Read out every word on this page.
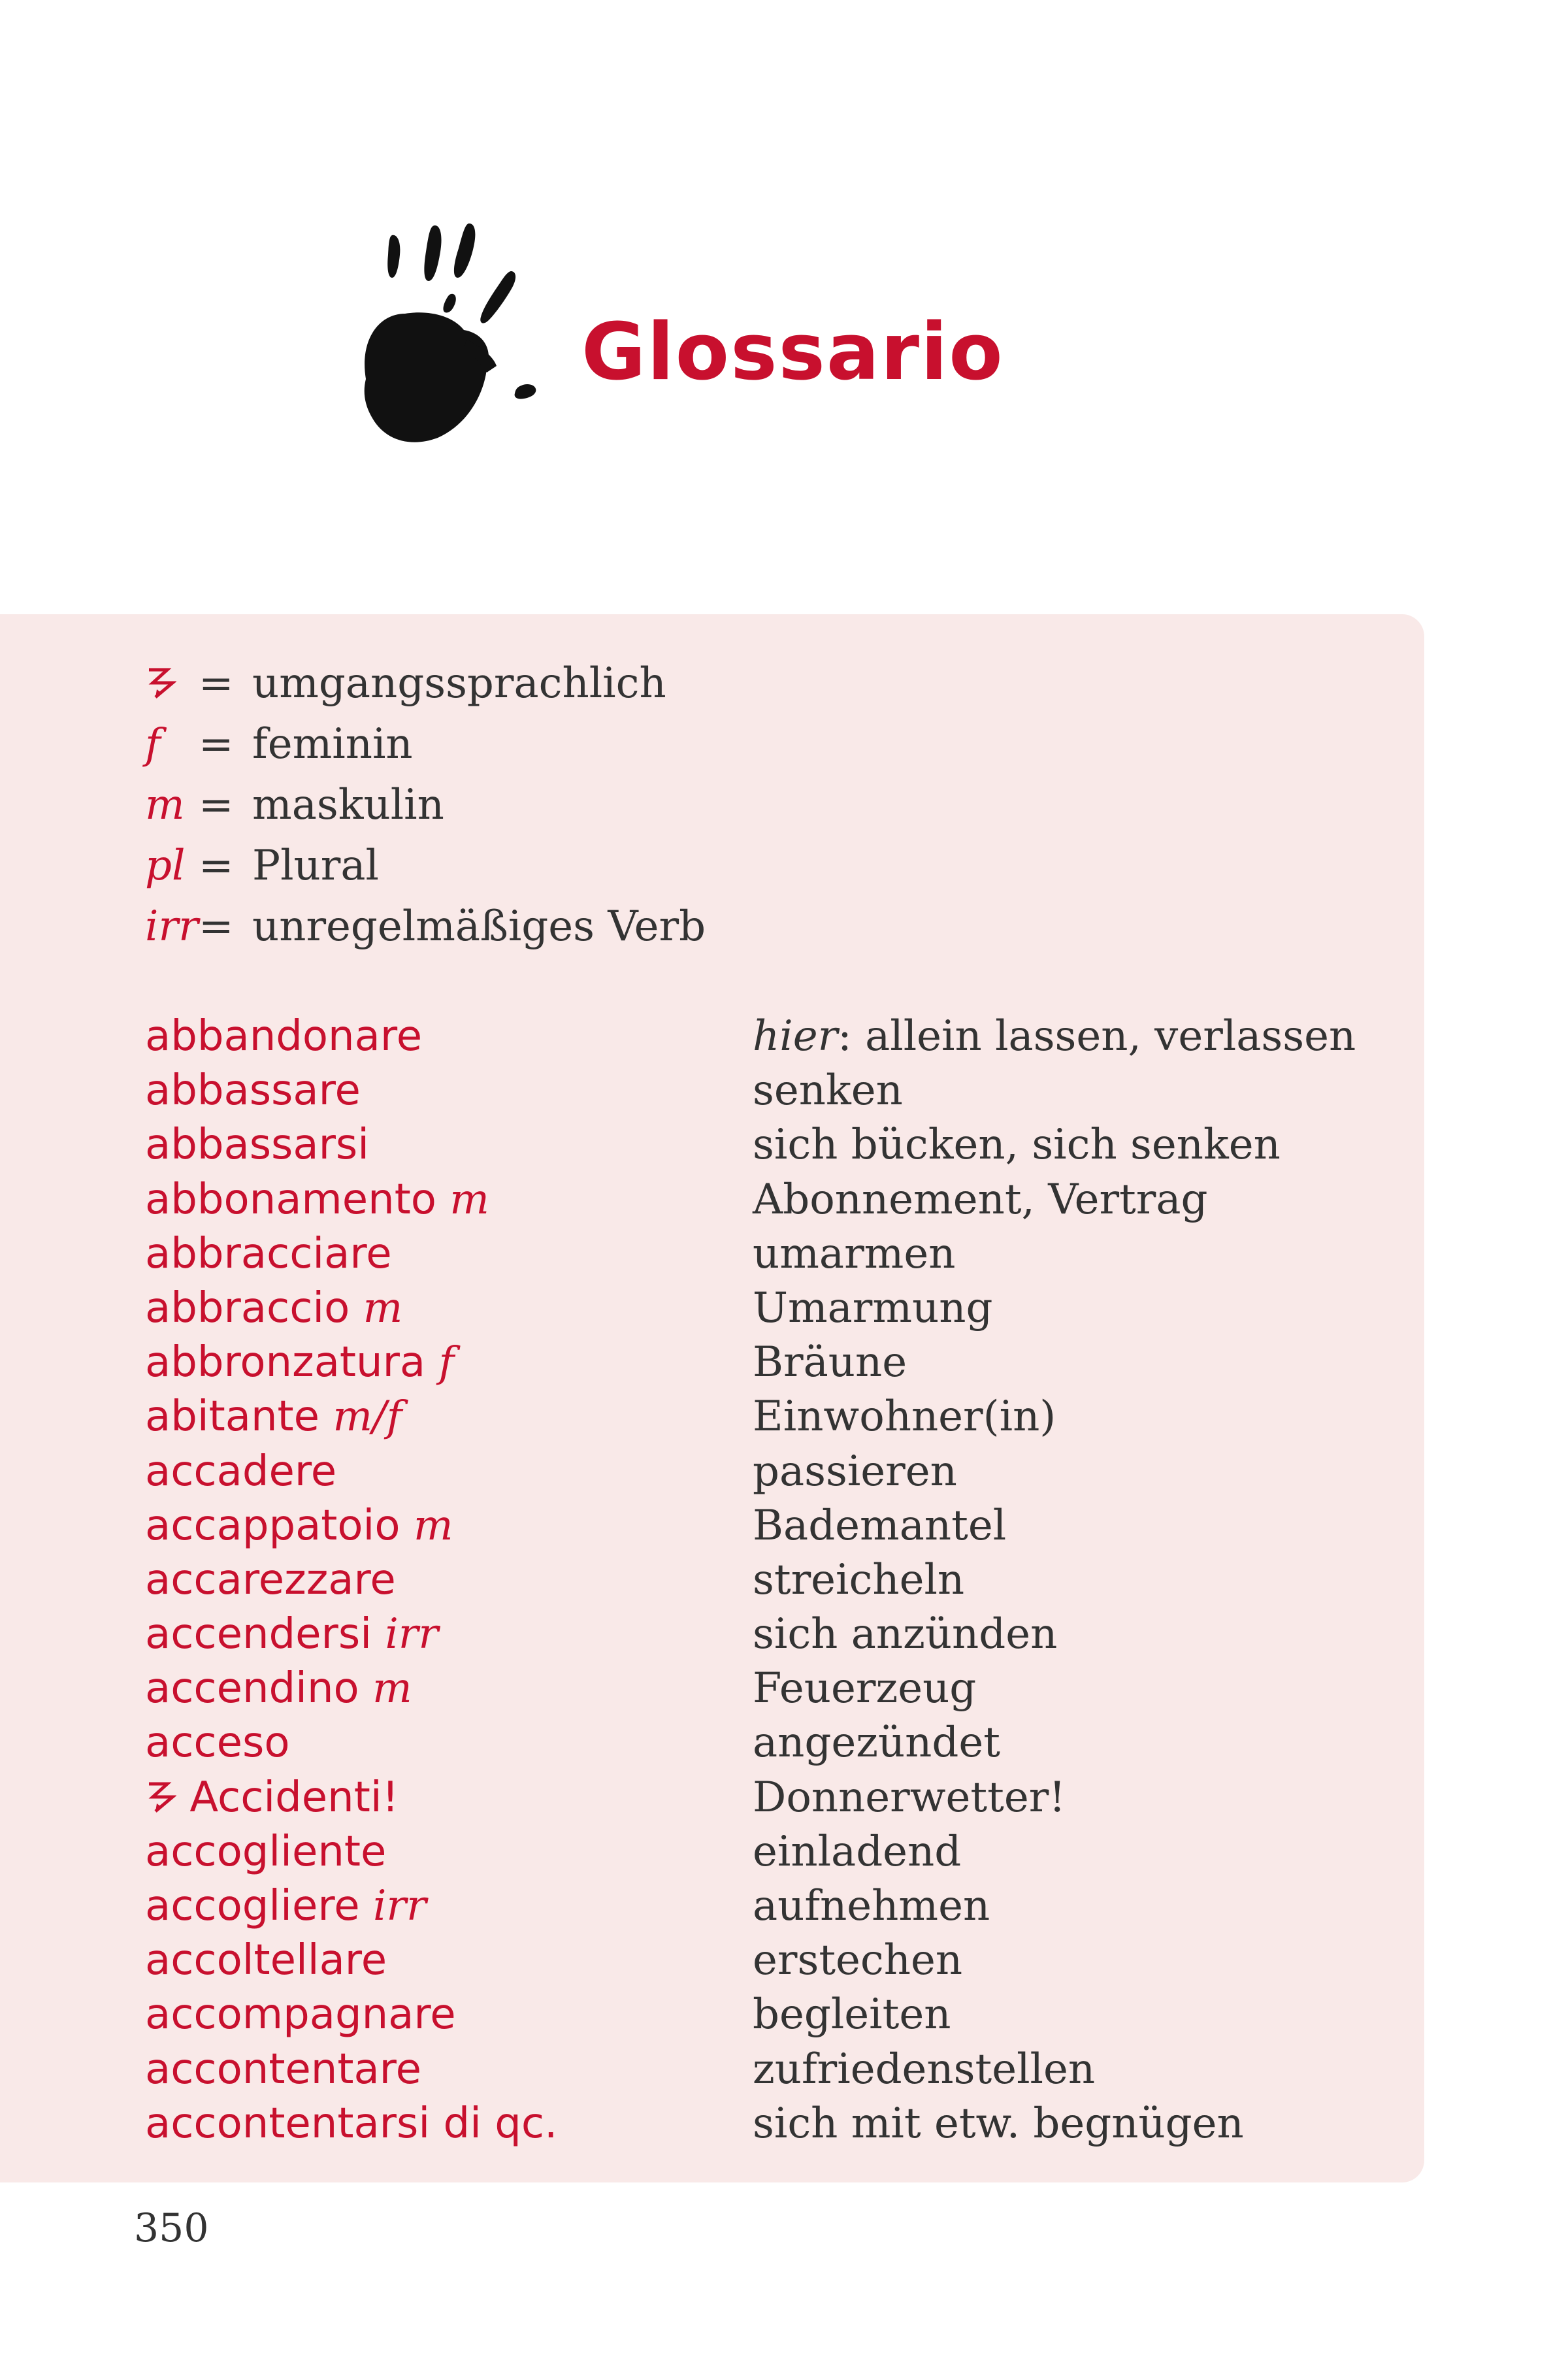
Glossario
= umgangssprachlich
f = feminin
m = maskulin
pl = Plural
irr = unregelmäßiges Verb
abbandonare	hier: allein lassen, verlassen
abbassare	senken
abbassarsi	sich bücken, sich senken
abbonamento m	Abonnement, Vertrag
abbracciare	umarmen
abbraccio m	Umarmung
abbronzatura f	Bräune
abitante m/f	Einwohner(in)
accadere	passieren
accappatoio m	Bademantel
accarezzare	streicheln
accendersi irr	sich anzünden
accendino m	Feuerzeug
acceso	angezündet
Accidenti!	Donnerwetter!
accogliente	einladend
accogliere irr	aufnehmen
accoltellare	erstechen
accompagnare	begleiten
accontentare	zufriedenstellen
accontentarsi di qc.	sich mit etw. begnügen
350
